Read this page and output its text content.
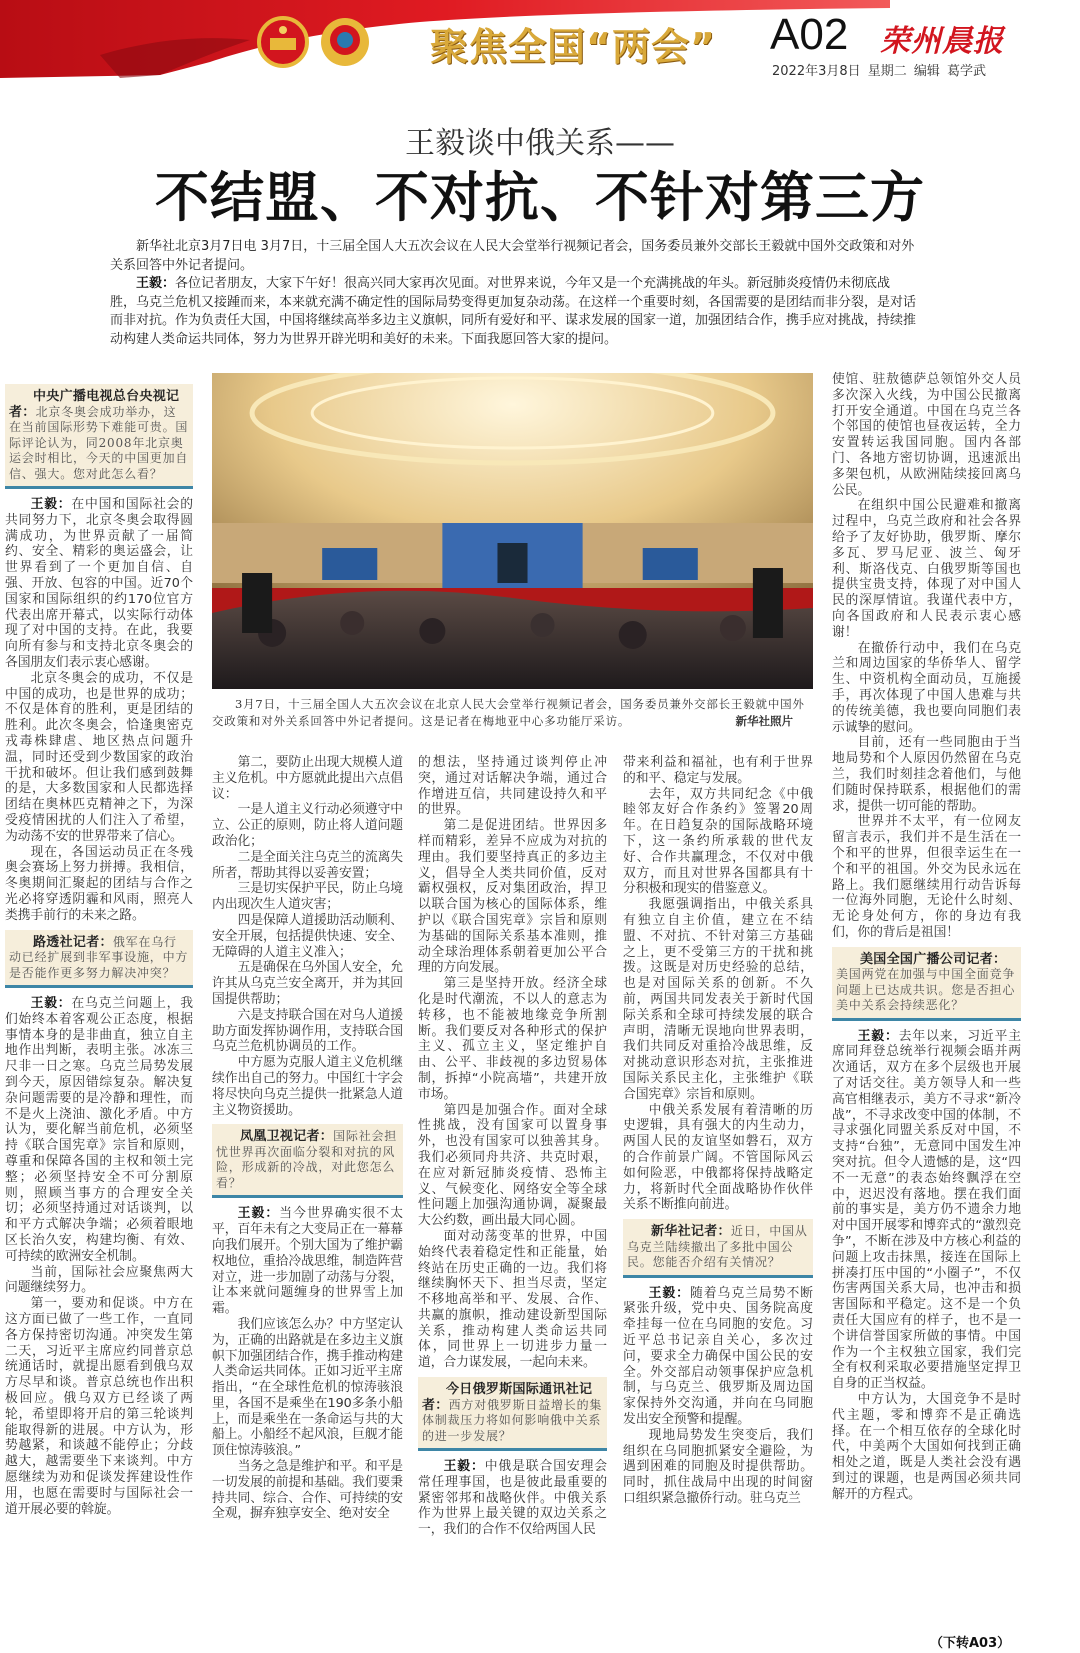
聚焦全国“两会” A02 荣州晨报
2022年3月8日 星期二 编辑 葛学武
王毅谈中俄关系——
不结盟、不对抗、不针对第三方

新华社北京3月7日电 3月7日，十三届全国人大五次会议在人民大会堂举行视频记者会，国务委员兼外交部长王毅就中国外交政策和对外关系回答中外记者提问。

王毅：各位记者朋友，大家下午好！很高兴同大家再次见面。对世界来说，今年又是一个充满挑战的年头。新冠肺炎疫情仍未彻底战胜，乌克兰危机又接踵而来，本来就充满不确定性的国际局势变得更加复杂动荡。在这样一个重要时刻，各国需要的是团结而非分裂，是对话而非对抗。作为负责任大国，中国将继续高举多边主义旗帜，同所有爱好和平、谋求发展的国家一道，加强团结合作，携手应对挑战，持续推动构建人类命运共同体，努力为世界开辟光明和美好的未来。下面我愿回答大家的提问。

3月7日，十三届全国人大五次会议在北京人民大会堂举行视频记者会，国务委员兼外交部长王毅就中国外交政策和对外关系回答中外记者提问。这是记者在梅地亚中心多功能厅采访。	新华社照片
中央广播电视总台央视记者：北京冬奥会成功举办，这在当前国际形势下难能可贵。国际评论认为，同2008年北京奥运会时相比，今天的中国更加自信、强大。您对此怎么看？

王毅：在中国和国际社会的共同努力下，北京冬奥会取得圆满成功，为世界贡献了一届简约、安全、精彩的奥运盛会，让世界看到了一个更加自信、自强、开放、包容的中国。近70个国家和国际组织的约170位官方代表出席开幕式，以实际行动体现了对中国的支持。在此，我要向所有参与和支持北京冬奥会的各国朋友们表示衷心感谢。

北京冬奥会的成功，不仅是中国的成功，也是世界的成功；不仅是体育的胜利，更是团结的胜利。此次冬奥会，恰逢奥密克戎毒株肆虐、地区热点问题升温，同时还受到少数国家的政治干扰和破坏。但让我们感到鼓舞的是，大多数国家和人民都选择团结在奥林匹克精神之下，为深受疫情困扰的人们注入了希望，为动荡不安的世界带来了信心。

现在，各国运动员正在冬残奥会赛场上努力拼搏。我相信，冬奥期间汇聚起的团结与合作之光必将穿透阴霾和风雨，照亮人类携手前行的未来之路。

路透社记者：俄军在乌行动已经扩展到非军事设施，中方是否能作更多努力解决冲突？

王毅：在乌克兰问题上，我们始终本着客观公正态度，根据事情本身的是非曲直，独立自主地作出判断，表明主张。冰冻三尺非一日之寒。乌克兰局势发展到今天，原因错综复杂。解决复杂问题需要的是冷静和理性，而不是火上浇油、激化矛盾。中方认为，要化解当前危机，必须坚持《联合国宪章》宗旨和原则，尊重和保障各国的主权和领土完整；必须坚持安全不可分割原则，照顾当事方的合理安全关切；必须坚持通过对话谈判，以和平方式解决争端；必须着眼地区长治久安，构建均衡、有效、可持续的欧洲安全机制。

当前，国际社会应聚焦两大问题继续努力。

第一，要劝和促谈。中方在这方面已做了一些工作，一直同各方保持密切沟通。冲突发生第二天，习近平主席应约同普京总统通话时，就提出愿看到俄乌双方尽早和谈。普京总统也作出积极回应。俄乌双方已经谈了两轮，希望即将开启的第三轮谈判能取得新的进展。中方认为，形势越紧，和谈越不能停止；分歧越大，越需要坐下来谈判。中方愿继续为劝和促谈发挥建设性作用，也愿在需要时与国际社会一道开展必要的斡旋。

第二，要防止出现大规模人道主义危机。中方愿就此提出六点倡议：

一是人道主义行动必须遵守中立、公正的原则，防止将人道问题政治化；

二是全面关注乌克兰的流离失所者，帮助其得以妥善安置；

三是切实保护平民，防止乌境内出现次生人道灾害；

四是保障人道援助活动顺利、安全开展，包括提供快速、安全、无障碍的人道主义准入；

五是确保在乌外国人安全，允许其从乌克兰安全离开，并为其回国提供帮助；

六是支持联合国在对乌人道援助方面发挥协调作用，支持联合国乌克兰危机协调员的工作。

中方愿为克服人道主义危机继续作出自己的努力。中国红十字会将尽快向乌克兰提供一批紧急人道主义物资援助。

凤凰卫视记者：国际社会担忧世界再次面临分裂和对抗的风险，形成新的冷战，对此您怎么看？

王毅：当今世界确实很不太平，百年未有之大变局正在一幕幕向我们展开。个别大国为了维护霸权地位，重拾冷战思维，制造阵营对立，进一步加剧了动荡与分裂，让本来就问题缠身的世界雪上加霜。

我们应该怎么办？中方坚定认为，正确的出路就是在多边主义旗帜下加强团结合作，携手推动构建人类命运共同体。正如习近平主席指出，“在全球性危机的惊涛骇浪里，各国不是乘坐在190多条小船上，而是乘坐在一条命运与共的大船上。小船经不起风浪，巨舰才能顶住惊涛骇浪。”

当务之急是维护和平。和平是一切发展的前提和基础。我们要秉持共同、综合、合作、可持续的安全观，摒弃独享安全、绝对安全

的想法，坚持通过谈判停止冲突，通过对话解决争端，通过合作增进互信，共同建设持久和平的世界。

第二是促进团结。世界因多样而精彩，差异不应成为对抗的理由。我们要坚持真正的多边主义，倡导全人类共同价值，反对霸权强权，反对集团政治，捍卫以联合国为核心的国际体系，维护以《联合国宪章》宗旨和原则为基础的国际关系基本准则，推动全球治理体系朝着更加公平合理的方向发展。

第三是坚持开放。经济全球化是时代潮流，不以人的意志为转移，也不能被地缘竞争所割断。我们要反对各种形式的保护主义、孤立主义，坚定维护自由、公平、非歧视的多边贸易体制，拆掉“小院高墙”，共建开放市场。

第四是加强合作。面对全球性挑战，没有国家可以置身事外，也没有国家可以独善其身。我们必须同舟共济、共克时艰，在应对新冠肺炎疫情、恐怖主义、气候变化、网络安全等全球性问题上加强沟通协调，凝聚最大公约数，画出最大同心圆。

面对动荡变革的世界，中国始终代表着稳定性和正能量，始终站在历史正确的一边。我们将继续胸怀天下、担当尽责，坚定不移地高举和平、发展、合作、共赢的旗帜，推动建设新型国际关系，推动构建人类命运共同体，同世界上一切进步力量一道，合力谋发展，一起向未来。

今日俄罗斯国际通讯社记者：西方对俄罗斯日益增长的集体制裁压力将如何影响俄中关系的进一步发展？

王毅：中俄是联合国安理会常任理事国，也是彼此最重要的紧密邻邦和战略伙伴。中俄关系作为世界上最关键的双边关系之一，我们的合作不仅给两国人民

带来利益和福祉，也有利于世界的和平、稳定与发展。

去年，双方共同纪念《中俄睦邻友好合作条约》签署20周年。在日趋复杂的国际战略环境下，这一条约所承载的世代友好、合作共赢理念，不仅对中俄双方，而且对世界各国都具有十分积极和现实的借鉴意义。

我愿强调指出，中俄关系具有独立自主价值，建立在不结盟、不对抗、不针对第三方基础之上，更不受第三方的干扰和挑拨。这既是对历史经验的总结，也是对国际关系的创新。不久前，两国共同发表关于新时代国际关系和全球可持续发展的联合声明，清晰无误地向世界表明，我们共同反对重拾冷战思维，反对挑动意识形态对抗，主张推进国际关系民主化，主张维护《联合国宪章》宗旨和原则。

中俄关系发展有着清晰的历史逻辑，具有强大的内生动力，两国人民的友谊坚如磐石，双方的合作前景广阔。不管国际风云如何险恶，中俄都将保持战略定力，将新时代全面战略协作伙伴关系不断推向前进。

新华社记者：近日，中国从乌克兰陆续撤出了多批中国公民。您能否介绍有关情况？

王毅：随着乌克兰局势不断紧张升级，党中央、国务院高度牵挂每一位在乌同胞的安危。习近平总书记亲自关心，多次过问，要求全力确保中国公民的安全。外交部启动领事保护应急机制，与乌克兰、俄罗斯及周边国家保持外交沟通，并向在乌同胞发出安全预警和提醒。

现地局势发生突变后，我们组织在乌同胞抓紧安全避险，为遇到困难的同胞及时提供帮助。同时，抓住战局中出现的时间窗口组织紧急撤侨行动。驻乌克兰

使馆、驻敖德萨总领馆外交人员多次深入火线，为中国公民撤离打开安全通道。中国在乌克兰各个邻国的使馆也昼夜运转，全力安置转运我国同胞。国内各部门、各地方密切协调，迅速派出多架包机，从欧洲陆续接回离乌公民。

在组织中国公民避难和撤离过程中，乌克兰政府和社会各界给予了友好协助，俄罗斯、摩尔多瓦、罗马尼亚、波兰、匈牙利、斯洛伐克、白俄罗斯等国也提供宝贵支持，体现了对中国人民的深厚情谊。我谨代表中方，向各国政府和人民表示衷心感谢！

在撤侨行动中，我们在乌克兰和周边国家的华侨华人、留学生、中资机构全面动员，互施援手，再次体现了中国人患难与共的传统美德，我也要向同胞们表示诚挚的慰问。

目前，还有一些同胞由于当地局势和个人原因仍然留在乌克兰，我们时刻挂念着他们，与他们随时保持联系，根据他们的需求，提供一切可能的帮助。

世界并不太平，有一位网友留言表示，我们并不是生活在一个和平的世界，但很幸运生在一个和平的祖国。外交为民永远在路上。我们愿继续用行动告诉每一位海外同胞，无论什么时刻、无论身处何方，你的身边有我们，你的背后是祖国！

美国全国广播公司记者：美国两党在加强与中国全面竞争问题上已达成共识。您是否担心美中关系会持续恶化？

王毅：去年以来，习近平主席同拜登总统举行视频会晤并两次通话，双方在多个层级也开展了对话交往。美方领导人和一些高官相继表示，美方不寻求“新冷战”，不寻求改变中国的体制，不寻求强化同盟关系反对中国，不支持“台独”，无意同中国发生冲突对抗。但令人遗憾的是，这“四不一无意”的表态始终飘浮在空中，迟迟没有落地。摆在我们面前的事实是，美方仍不遗余力地对中国开展零和博弈式的“激烈竞争”，不断在涉及中方核心利益的问题上攻击抹黑，接连在国际上拼凑打压中国的“小圈子”，不仅伤害两国关系大局，也冲击和损害国际和平稳定。这不是一个负责任大国应有的样子，也不是一个讲信誉国家所做的事情。中国作为一个主权独立国家，我们完全有权利采取必要措施坚定捍卫自身的正当权益。

中方认为，大国竞争不是时代主题，零和博弈不是正确选择。在一个相互依存的全球化时代，中美两个大国如何找到正确相处之道，既是人类社会没有遇到过的课题，也是两国必须共同解开的方程式。

（下转A03）
